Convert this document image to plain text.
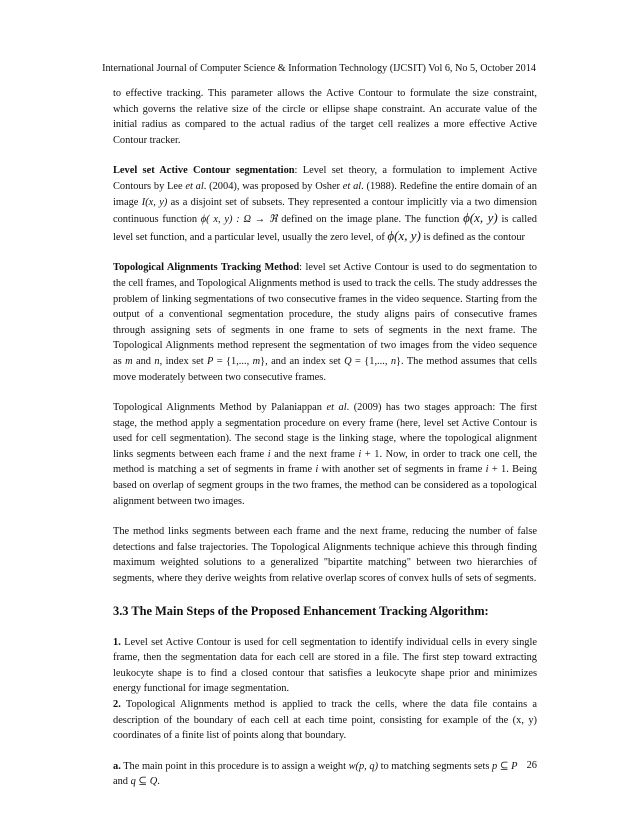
International Journal of Computer Science & Information Technology (IJCSIT) Vol 6, No 5, October 2014

to effective tracking. This parameter allows the Active Contour to formulate the size constraint, which governs the relative size of the circle or ellipse shape constraint. An accurate value of the initial radius as compared to the actual radius of the target cell realizes a more effective Active Contour tracker.

Level set Active Contour segmentation: Level set theory, a formulation to implement Active Contours by Lee et al. (2004), was proposed by Osher et al. (1988). Redefine the entire domain of an image I(x, y) as a disjoint set of subsets. They represented a contour implicitly via a two dimension continuous function ϕ( x, y) : Ω → ℜ defined on the image plane. The function ϕ(x, y) is called level set function, and a particular level, usually the zero level, of ϕ(x, y) is defined as the contour

Topological Alignments Tracking Method: level set Active Contour is used to do segmentation to the cell frames, and Topological Alignments method is used to track the cells. The study addresses the problem of linking segmentations of two consecutive frames in the video sequence. Starting from the output of a conventional segmentation procedure, the study aligns pairs of consecutive frames through assigning sets of segments in one frame to sets of segments in the next frame. The Topological Alignments method represent the segmentation of two images from the video sequence as m and n, index set P = {1,..., m}, and an index set Q = {1,..., n}. The method assumes that cells move moderately between two consecutive frames.

Topological Alignments Method by Palaniappan et al. (2009) has two stages approach: The first stage, the method apply a segmentation procedure on every frame (here, level set Active Contour is used for cell segmentation). The second stage is the linking stage, where the topological alignment links segments between each frame i and the next frame i + 1. Now, in order to track one cell, the method is matching a set of segments in frame i with another set of segments in frame i + 1. Being based on overlap of segment groups in the two frames, the method can be considered as a topological alignment between two images.

The method links segments between each frame and the next frame, reducing the number of false detections and false trajectories. The Topological Alignments technique achieve this through finding maximum weighted solutions to a generalized "bipartite matching" between two hierarchies of segments, where they derive weights from relative overlap scores of convex hulls of sets of segments.

3.3 The Main Steps of the Proposed Enhancement Tracking Algorithm:

1. Level set Active Contour is used for cell segmentation to identify individual cells in every single frame, then the segmentation data for each cell are stored in a file. The first step toward extracting leukocyte shape is to find a closed contour that satisfies a leukocyte shape prior and minimizes energy functional for image segmentation.

2. Topological Alignments method is applied to track the cells, where the data file contains a description of the boundary of each cell at each time point, consisting for example of the (x, y) coordinates of a finite list of points along that boundary.

a. The main point in this procedure is to assign a weight w(p, q) to matching segments sets p ⊆ P
and q ⊆ Q.

26
